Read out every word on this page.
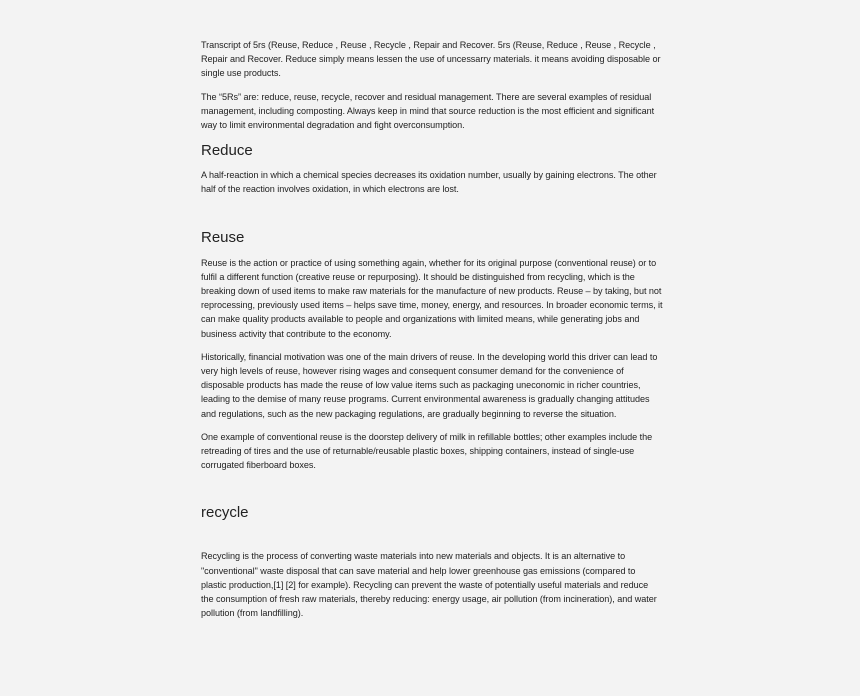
Transcript of 5rs (Reuse, Reduce , Reuse , Recycle , Repair and Recover. 5rs (Reuse, Reduce , Reuse , Recycle , Repair and Recover. Reduce simply means lessen the use of uncessarry materials. it means avoiding disposable or single use products.

The “5Rs” are: reduce, reuse, recycle, recover and residual management. There are several examples of residual management, including composting. Always keep in mind that source reduction is the most efficient and significant way to limit environmental degradation and fight overconsumption.

Reduce

A half-reaction in which a chemical species decreases its oxidation number, usually by gaining electrons. The other half of the reaction involves oxidation, in which electrons are lost.

Reuse

Reuse is the action or practice of using something again, whether for its original purpose (conventional reuse) or to fulfil a different function (creative reuse or repurposing). It should be distinguished from recycling, which is the breaking down of used items to make raw materials for the manufacture of new products. Reuse – by taking, but not reprocessing, previously used items – helps save time, money, energy, and resources. In broader economic terms, it can make quality products available to people and organizations with limited means, while generating jobs and business activity that contribute to the economy.

Historically, financial motivation was one of the main drivers of reuse. In the developing world this driver can lead to very high levels of reuse, however rising wages and consequent consumer demand for the convenience of disposable products has made the reuse of low value items such as packaging uneconomic in richer countries, leading to the demise of many reuse programs. Current environmental awareness is gradually changing attitudes and regulations, such as the new packaging regulations, are gradually beginning to reverse the situation.

One example of conventional reuse is the doorstep delivery of milk in refillable bottles; other examples include the retreading of tires and the use of returnable/reusable plastic boxes, shipping containers, instead of single-use corrugated fiberboard boxes.

recycle

Recycling is the process of converting waste materials into new materials and objects. It is an alternative to "conventional" waste disposal that can save material and help lower greenhouse gas emissions (compared to plastic production,[1] [2] for example). Recycling can prevent the waste of potentially useful materials and reduce the consumption of fresh raw materials, thereby reducing: energy usage, air pollution (from incineration), and water pollution (from landfilling).
